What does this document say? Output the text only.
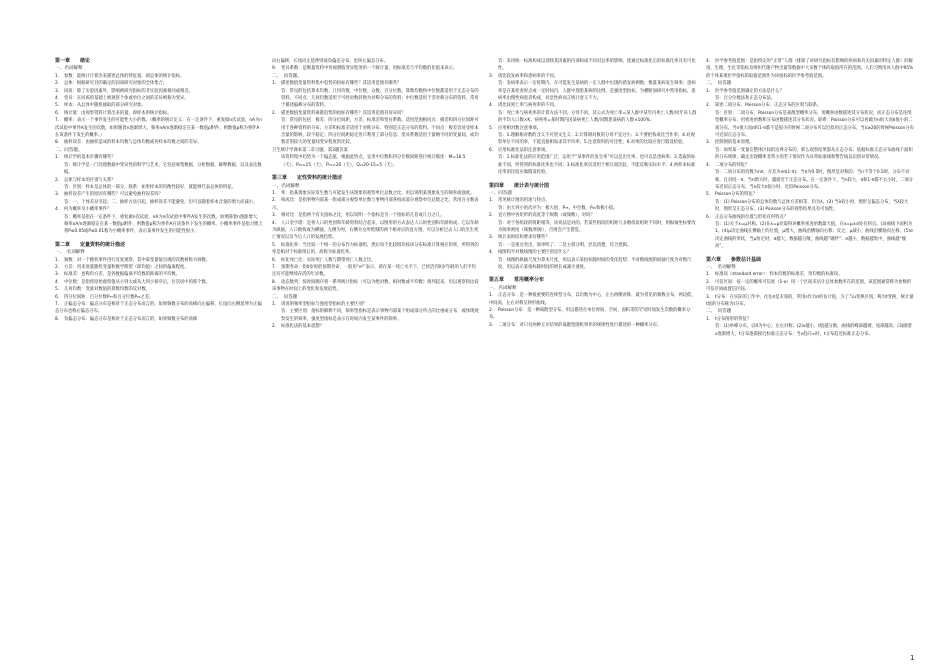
第一章　　绪论

一、名词解释

1. 参数：能统计计算出来描述总体的特征量，即总体的统计指标。

2. 总体：根据研究目的确定的同质研究对象的全体集合。

3. 同质：除了实验因素外，影响被研究指标的非实验因素相同或相近。

4. 变异：在同质的基础上被观察个体或单位之间的差异被称为变异。

5. 样本：从总体中随机抽取的部分研究对象。

6. 统计量：由观察资料计算出来的量，即样本的统计指标。

7. 概率：表示一个事件发生的可能性大小的数。（概率的统计定义：在一定条件下，重复做n次试验，nA为n次试验中事件A发生的次数，如果随着n逐渐增大，频率nA/n逐渐稳定在某一数值p附件，则数值p称为事件A在该条件下发生的概率。）

8. 抽样误差：由抽样造成的样本均数与总体均数或各样本均数之间的差异。

二、问答题。

1. 统计学的基本步骤有哪些？

答：统计学是一门处理数据中变异性的科学与艺术，它包括收集数据、分析数据、解释数据、以及表达数据。

2. 总体与样本的区别与关系？

答：区别：样本是总体的一部分。联系：如果样本的均衡性较好，就能够代表总体的特征。

3. 抽样误差产生的原因有哪些？可以避免抽样误差吗？

答：一、个体差异引起；二、抽样方法引起。抽样误差不能避免，但可以随着样本含量的增大而减小。

4. 何为概率及小概率事件？

答：概率是指在一定条件下，重复做n次试验，nA为n次试验中事件A发生的次数，如果随着n逐渐增大，频率nA/n逐渐稳定在某一数值p附件，则数值p称为事件A在该条件下发生的概率。小概率事件是指习惯上将P≤0.05或P≤0.01称为小概率事件，表示某事件发生的可能性很小。

第二章　　定量资料的统计描述

一、　名词解释

1. 频数：对一个随机事件进行反复观察，其中某变量值出现的次数被称为频数。

2. 方差：用来度量随机变量和数学期望（即均值）之间的偏离程度。

3. 标准差：也称均方差，是各数据偏离平均数的距离的平均数。

4. 中位数：是指将原始观察值从小到大或从大到小排序后，位次居中的那个数。

5. 几何均数：变量对数值的算数均数的反对数。

6. 四分位间距：百分位数P₇₅和百分位数P₂₅之差。

7. 正偏态分布：偏态分布是相对于正态分布而言的，如果频数分布的高峰向左偏移，长尾向右侧延伸为正偏态分布也称右偏态分布。

8. 负偏态分布：偏态分布是相对于正态分布而言的，如果频数分布的高峰

向右偏移，长尾向左延伸则成负偏态分布，也叫左偏态分布。

9. 变异系数：是衡量资料中各观测值变异程度的一个统计量，用标准差与平均数的比值来表示。

二、　问答题。

1. 描述数值变量资料集中趋势的指标有哪些？其适用范围有哪些？

答：常见的包括算术均数、几何均数、中位数、众数、百分位数。算数均数和中位数都适用于正态分布的资料。不同点：几何均数适用于可经对数转换为对称分布的资料；中位数适用于非对称分布的资料，常用于描述偏峰分布的资料。

2. 描述数值变量资料离散趋势的指标有哪些？其适用范围有何异同？

答：常见的包括：极差、四分位间距、方差、标准差和变异系数。适用范围相同点：极差和四分位间距可用于各种资料的分布；方差和标准差适用于对称分布，特别是正态分布的资料。不同点：极差容易受样本含量的影响，较不稳定；四分位间距稳定但只利用了部分信息；变异系数适用于量纲不同的变量间，或均数差别较大的变量间变异程度的比较。

卫生统计学课本第二章习题，第3题答案

该资料集中趋势为一个偏态值，根据此特点，宜用中位数和四分位数间距进行统计描述：M=16.5（天），P₂₅=15（天），P₇₅=20（天），Q=20-15=5（天）。

第三章　　定性资料的统计描述

一、名词解释

1. 率：指某现象实际发生数与可能发生该现象的观察单位总数之比，用以说明某现象发生的频率或强度。

2. 构成比：是指事物内部某一组成部分观察单位数与事物内部各组成部分观察单位总数之比，常用百分数表示。

3. 相对比：是指两个有关指标之比，用以说明一个指标是另一个指标的几倍或几分之几。

4. 人口金字塔：是将人口的性别和年龄资料结合起来，以图形的方式表达人口的性别和年龄构成。它以年龄为纵轴，人口数构成为横轴，左侧为男，右侧为女所绘制的两个相对应的直方图，可以分析过去人口的出生死亡情况以及今后人口的发展趋势。

5. 标准化率：当比较一个统一的分布作为标准组，然后每个比较组均按该分布标准计算相应的率，所得到的率是相对于标准组后的，故称为标准化率。

6. 标化死亡比：实际死亡人数与期望死亡人数之比。

7. 预期寿命：指0岁时的预期寿命，一般用“e⁰”表示，即在某一死亡水平下，已经活到X岁年龄的人们平均还有可能继续存活的年岁数。

8. 动态数列：按时间顺序将一系列统计指标（可以为绝对数、相对数或平均数）排列起来，用以观察和比较该事物在时间上的变化和发展趋势。

二、　问答题

1. 请说明频率型指标与强度型指标的主要区别？

答：主要区别：指标的解释不同，频率型指标是表示事物内部某个组成部分所占的比重或分布，或体现观察发生的频率，强度型指标是表示在时间内发生某事件的频率。

2. 标准化法的基本思想？

答：采用统一标准构成以消除其因素的内部构成不同对总率的影响，使通过标准化后的标准化率具有可比性。

3. 请比较发病率和患病率的不同。

答：发病率表示一定时期内，在可能发生某病的一定人群中出现的新发病例数，衡量某病发生频率；患病率是在某检查时点或一定时间内，人群中现患某病的比例，是强度型指标，为横断面研究中常用指标，患病率由慢性病患者构成，对急性病而言统计意义不大。

4. 请比较死亡率与病死率的不同。

答：死亡率与病死率的计算方法不同，分母不同。其公式为死亡率=某人群中某年内死亡人数/同年该人群的平均人口数×K；病死率=某时期内因某病死亡人数/同期患某病的人数×100%。

5. 应用相对数注意事项。

答：1.理解相对数的含义不可望文生义；2.计算相对数的分母不宜过小；3.不要把构成比当作率；4.对观察单位不同的率，不能直接相加求其平均率；5.注意资料的可比性；6.对率的比较应进行假设检验。

6. 应用标准化法的注意事项。

答：1.标准化法的应用范围广泛，运用于“某事件的发生率”可以是出生率、也可以是患病率；2.选取的标准不同，所得到的标准化率也不同；3.标准化率仅适用于相互间比较，不能反映实际水平；4.两样本标准化率的比较应做假设检验。

第四章　　统计表与统计图

一、问答题

1. 常见统计图的用途与特点。

答：由大到小的次序为：极大值、P₇₅、中位数、P₂₅和极小值。

2. 直方图中各矩形的高度等于频数（或频数），对吗？

答：对于各组段的组距相等，该说法是对的。若某些组段的组距与多数组段组距不同时，则纵轴坐标要改为频率密度（频数/组距），否则会产生错觉。

3. 统计表的结构要求有哪些？

答：一是重点突出，简单明了；二是主谓分明，层次清楚，符合逻辑。

4. 线图和半对数线图的主要区别是什么？

答：线图的纵轴尺度为算术尺度，用以表示某指标随时间的变化趋势；半对数线图的纵轴尺度为对数尺度，用以表示某指标随时间的增长或减少速度。

第五章　　常用概率分布

一、名词解释

1. 正态分布：是一种很重要的连续型分布，以均数为中心，左右两侧对称，最为常见的频数分布，两边低，中间高，左右对称呈钟形曲线。

2. Poisson分布：是一种离散型分布，用以描述在单位时间、空间、面积等的罕见时间发生次数的概率分布。

3. 二项分布：对只有两种互斥结果的离散型随机事件的规律性进行描述的一种概率分布。

4. 医学参考值范围：是指特定的“正常”人群（排除了对研究指标有影响的疾病和有关因素的特定人群）的解剖、生理、生化等指标及组织代谢产物含量等数据中大多数个体的取值所在的范围。人们习惯用该人群中95%的个体某项医学指标的取值范围作为该指标的医学参考值范围。

二、　问答题

1. 医学参考值范围确定的方法是什么？

答：百分位数法和正态分布法。

2. 简述二项分布、Poisson分布、正态分布的区别与联系。

答：区别：二项分布、Poisson分布是离散型概率分布，用概率函数描述其分布状况，而正态分布是连续型概率分布，用密度函数和分布函数描述其分布状况。联系：Poisson分布可以看做为n很大而π很小的二项分布。当n很大而π和1-π都不是很小的时候二项分布可以近似用正态分布，当λ≥20的时候Poisson分布可近似正态分布。

3. 控制图的基本原理。

答：如果某一变量在整体区间的边界分布的，那么观察结果都从正态分布；依据标准正态分布曲线下面积的分布规律，确定出现概率非常小的若干情况作为异常标准线和警告线以识别异常情况。

4. 二项分布的特征？

答：二项分布的均数为nπ，方差为nπ(1-π)；当π为0.5时，图形是对称的；当n不等于0.5时，分布不对称，且对同一π，当n增大时，越接近于正态分布。在一定条件下，当n较大，π和1-π都不太小时，二项分布近似正态分布，当n较大π很小时，近似Poisson分布。

5. Poisson分布的特征？

答：(1) Poisson分布的总体均数与总体方差相等，均为λ。(2) 当λ较小时，图形呈偏态分布，当λ较大时，图形呈正态分布。(3) Poisson分布的观察结果具有可加性。

6. 正态分布曲线的位置与形状有何特点？

答：(1)关于x=μ对称。(2)在x=μ处取得该概率密度函数最大值，在x=μ±σ处有拐点。(3)曲线下面积为1。(4)μ决定曲线在横轴上的位置，μ增大，曲线沿横轴向右移；反之，μ减小，曲线沿横轴向左移。(5)σ决定曲线的形状，当μ恒定时，σ越大，数据越分散，曲线越“矮胖”；σ越小，数据越集中，曲线越“瘦高”。

第六章　　参数估计基础

一、　名词解释

1. 标准误（standard error）：样本均数的标准差，用均数的标准误。

2. 可信区间：按一定的概率可信度（1-α）用一个区间来估计总体参数所在的范围，该范围通常称为参数的可信区间或置信区间。

3. t分布：在实际的工作中，往往σ是未知的，常用s作为σ的估计值，为了与u变换区别，称为t变换，统计量t值的分布称为t分布。

二、　问答题

1. t分布图形的特征？

答：(1)单峰分布，以0为中心，左右对称；(2)ν越小，t值越分散，曲线的峰部越矮，尾部越高；(3)随着ν逐渐增大，t分布逐渐接近标准正态分布；当ν趋向∞时，t分布趋近标准正态分布。

1
